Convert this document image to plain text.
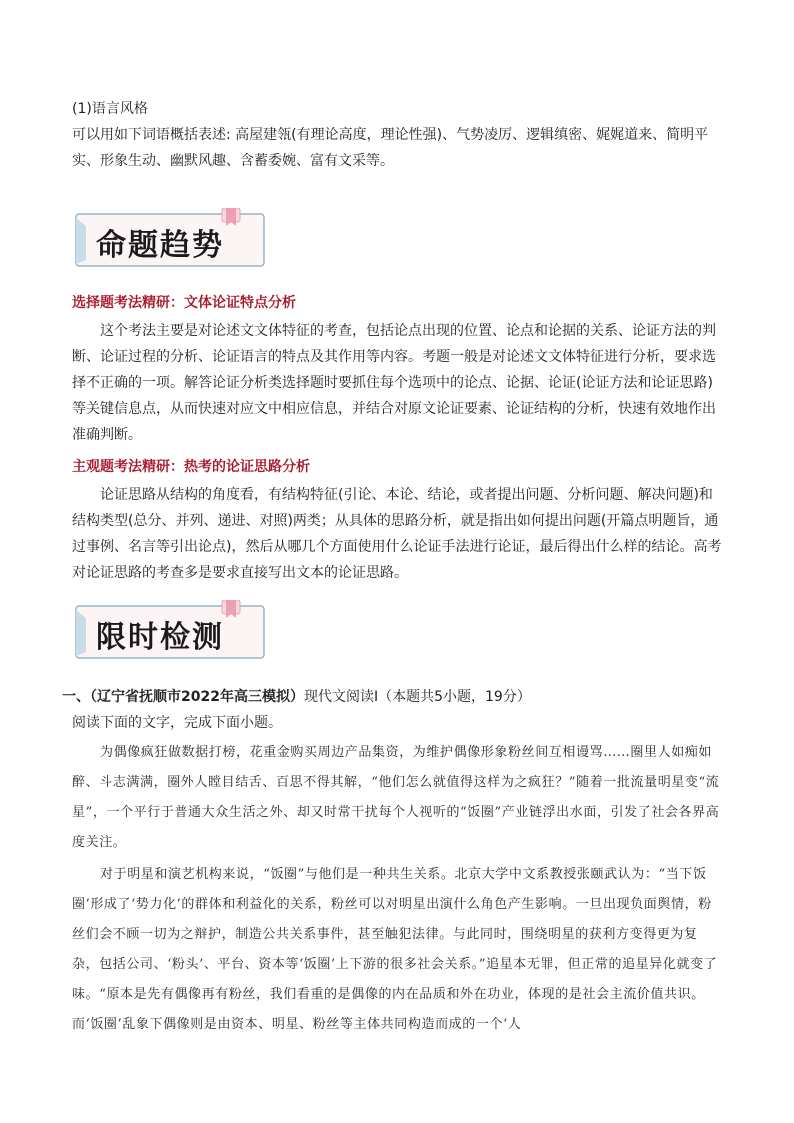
(1)语言风格

可以用如下词语概括表述: 高屋建瓴(有理论高度，理论性强)、气势凌厉、逻辑缜密、娓娓道来、简明平实、形象生动、幽默风趣、含蓄委婉、富有文采等。

命题趋势
选择题考法精研：文体论证特点分析

这个考法主要是对论述文文体特征的考查，包括论点出现的位置、论点和论据的关系、论证方法的判断、论证过程的分析、论证语言的特点及其作用等内容。考题一般是对论述文文体特征进行分析，要求选择不正确的一项。解答论证分析类选择题时要抓住每个选项中的论点、论据、论证(论证方法和论证思路)等关键信息点，从而快速对应文中相应信息，并结合对原文论证要素、论证结构的分析，快速有效地作出准确判断。

主观题考法精研：热考的论证思路分析

论证思路从结构的角度看，有结构特征(引论、本论、结论，或者提出问题、分析问题、解决问题)和结构类型(总分、并列、递进、对照)两类；从具体的思路分析，就是指出如何提出问题(开篇点明题旨，通过事例、名言等引出论点)，然后从哪几个方面使用什么论证手法进行论证，最后得出什么样的结论。高考对论证思路的考查多是要求直接写出文本的论证思路。

限时检测
一、（辽宁省抚顺市2022年高三模拟）现代文阅读Ⅰ（本题共5小题，19分）

阅读下面的文字，完成下面小题。

为偶像疯狂做数据打榜，花重金购买周边产品集资，为维护偶像形象粉丝间互相谩骂……圈里人如痴如醉、斗志满满，圈外人瞠目结舌、百思不得其解，“他们怎么就值得这样为之疯狂？”随着一批流量明星变“流星”，一个平行于普通大众生活之外、却又时常干扰每个人视听的“饭圈”产业链浮出水面，引发了社会各界高度关注。

对于明星和演艺机构来说，“饭圈”与他们是一种共生关系。北京大学中文系教授张颐武认为：“当下饭圈’形成了‘势力化’的群体和利益化的关系，粉丝可以对明星出演什么角色产生影响。一旦出现负面舆情，粉丝们会不顾一切为之辩护，制造公共关系事件，甚至触犯法律。与此同时，围绕明星的获利方变得更为复杂，包括公司、‘粉头’、平台、资本等‘饭圈’上下游的很多社会关系。”追星本无罪，但正常的追星异化就变了味。“原本是先有偶像再有粉丝，我们看重的是偶像的内在品质和外在功业，体现的是社会主流价值共识。而‘饭圈’乱象下偶像则是由资本、明星、粉丝等主体共同构造而成的一个‘人
